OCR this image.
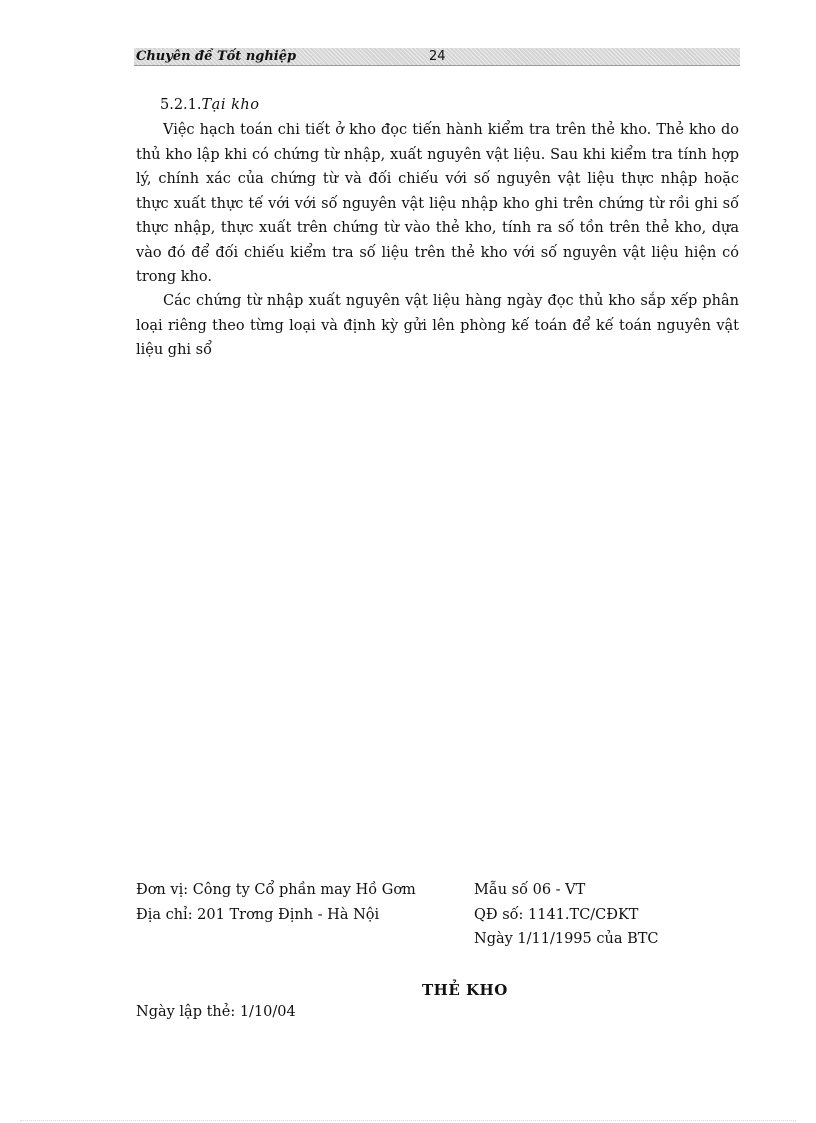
Chuyên đề Tốt nghiệp	24
5.2.1.Tại kho

Việc hạch toán chi tiết ở kho đọc tiến hành kiểm tra trên thẻ kho. Thẻ kho do thủ kho lập khi có chứng từ nhập, xuất nguyên vật liệu. Sau khi kiểm tra tính hợp lý, chính xác của chứng từ và đối chiếu với số nguyên vật liệu thực nhập hoặc thực xuất thực tế với với số nguyên vật liệu nhập kho ghi trên chứng từ rồi ghi số thực nhập, thực xuất trên chứng từ vào thẻ kho, tính ra số tồn trên thẻ kho, dựa vào đó để đối chiếu kiểm tra số liệu trên thẻ kho với số nguyên vật liệu hiện có trong kho.

Các chứng từ nhập xuất nguyên vật liệu hàng ngày đọc thủ kho sắp xếp phân loại riêng theo từng loại và định kỳ gửi lên phòng kế toán để kế toán nguyên vật liệu ghi sổ

Đơn vị: Công ty Cổ phần may Hồ Gơm
Địa chỉ: 201 Trơng Định - Hà Nội
Mẫu số 06 - VT
QĐ số: 1141.TC/CĐKT
Ngày 1/11/1995 của BTC
THẺ KHO
Ngày lập thẻ: 1/10/04
